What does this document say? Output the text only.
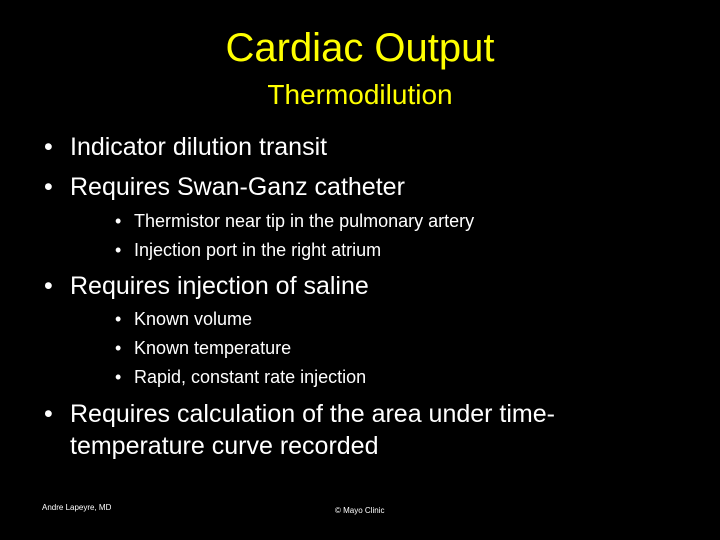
Cardiac Output
Thermodilution
• Indicator dilution transit
• Requires Swan-Ganz catheter
• Thermistor near tip in the pulmonary artery
• Injection port in the right atrium
• Requires injection of saline
• Known volume
• Known temperature
• Rapid, constant rate injection
• Requires calculation of the area under time-
temperature curve recorded
Andre Lapeyre, MD	© Mayo Clinic
